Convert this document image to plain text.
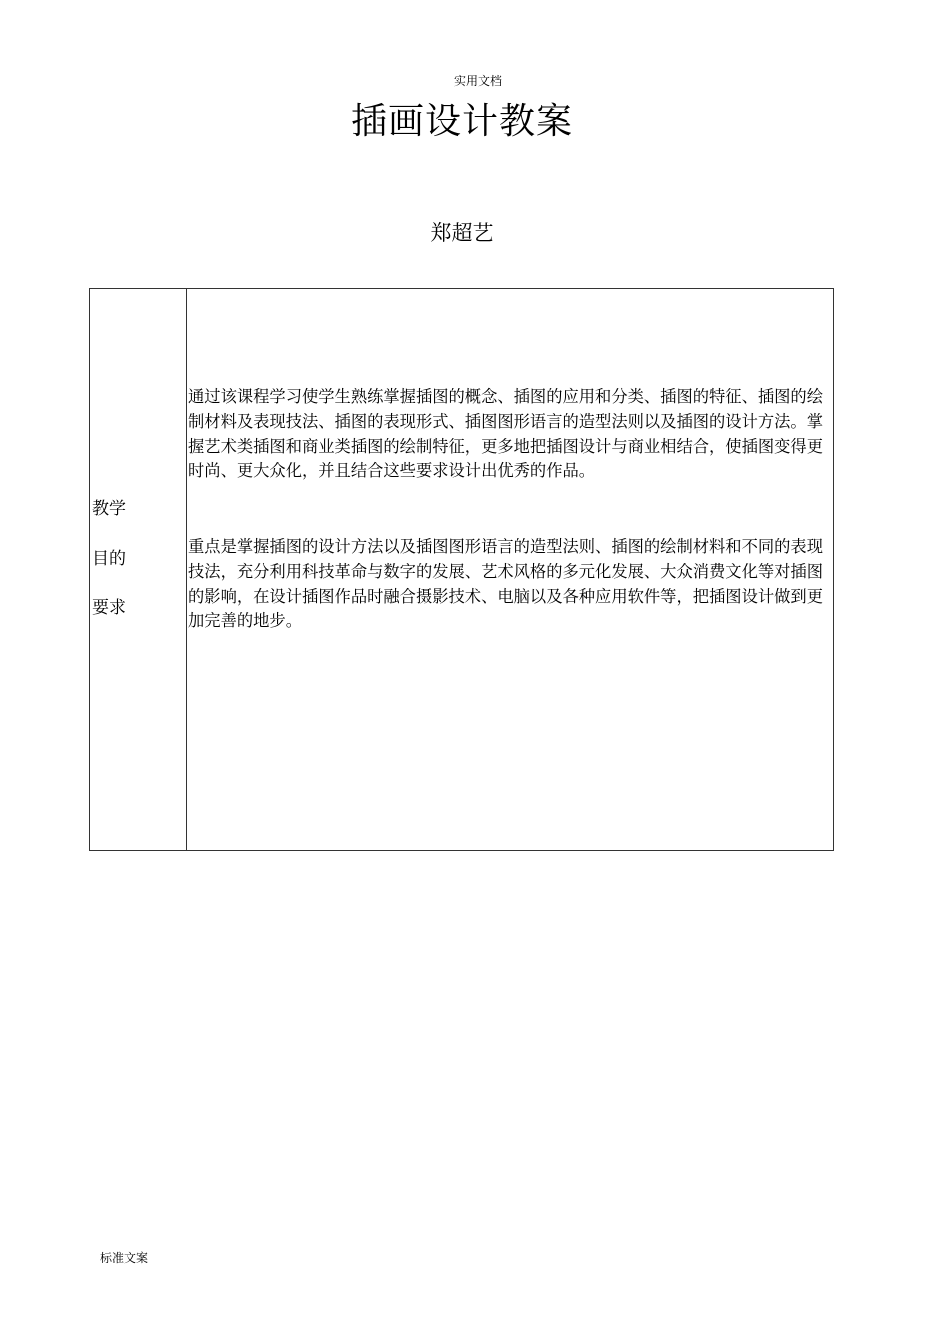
实用文档
插画设计教案
郑超艺
教学
目的
要求

通过该课程学习使学生熟练掌握插图的概念、插图的应用和分类、插图的特征、插图的绘制材料及表现技法、插图的表现形式、插图图形语言的造型法则以及插图的设计方法。掌握艺术类插图和商业类插图的绘制特征，更多地把插图设计与商业相结合，使插图变得更时尚、更大众化，并且结合这些要求设计出优秀的作品。

重点是掌握插图的设计方法以及插图图形语言的造型法则、插图的绘制材料和不同的表现技法，充分利用科技革命与数字的发展、艺术风格的多元化发展、大众消费文化等对插图的影响，在设计插图作品时融合摄影技术、电脑以及各种应用软件等，把插图设计做到更加完善的地步。

标准文案
